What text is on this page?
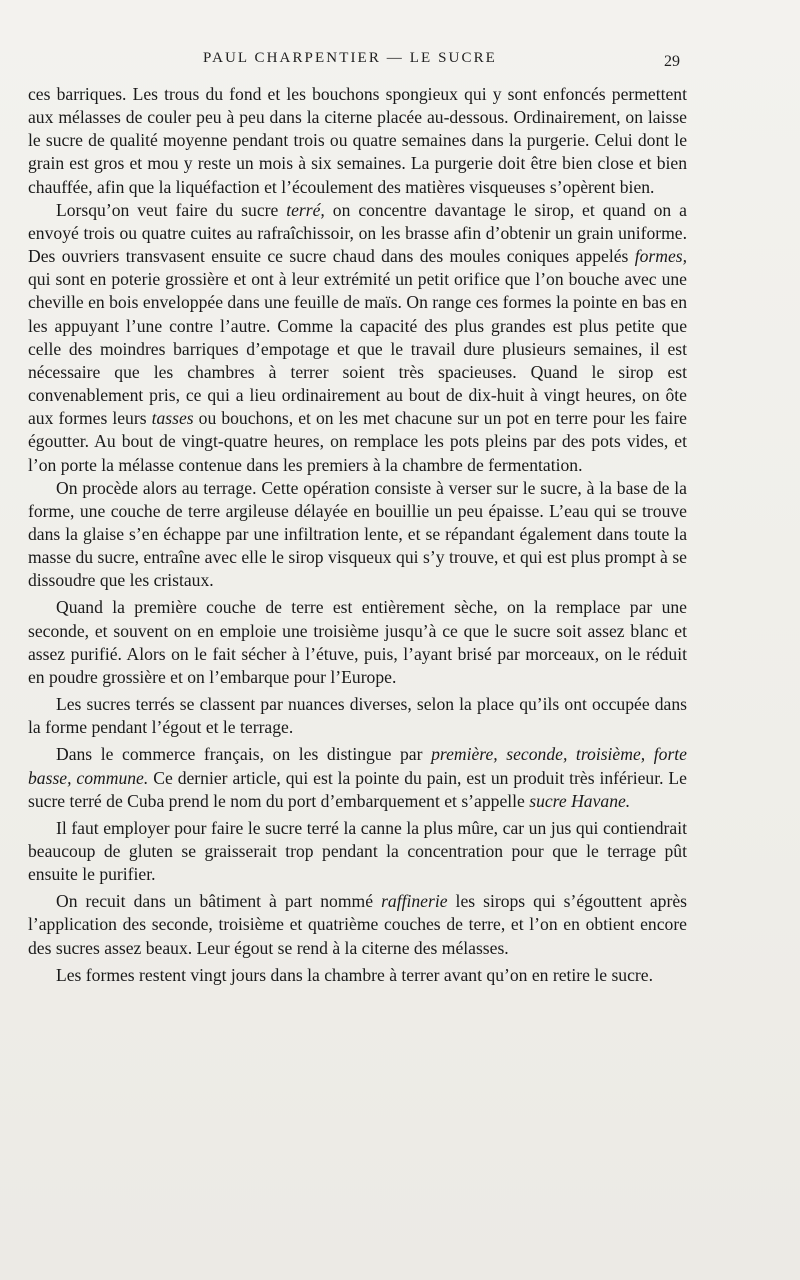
PAUL CHARPENTIER — LE SUCRE	29

ces barriques. Les trous du fond et les bouchons spongieux qui y sont enfoncés permettent aux mélasses de couler peu à peu dans la citerne placée au-dessous. Ordinairement, on laisse le sucre de qualité moyenne pendant trois ou quatre semaines dans la purgerie. Celui dont le grain est gros et mou y reste un mois à six semaines. La purgerie doit être bien close et bien chauffée, afin que la liquéfaction et l’écoulement des matières visqueuses s’opèrent bien.

Lorsqu’on veut faire du sucre terré, on concentre davantage le sirop, et quand on a envoyé trois ou quatre cuites au rafraîchissoir, on les brasse afin d’obtenir un grain uniforme. Des ouvriers transvasent ensuite ce sucre chaud dans des moules coniques appelés formes, qui sont en poterie grossière et ont à leur extrémité un petit orifice que l’on bouche avec une cheville en bois enveloppée dans une feuille de maïs. On range ces formes la pointe en bas en les appuyant l’une contre l’autre. Comme la capacité des plus grandes est plus petite que celle des moindres barriques d’empotage et que le travail dure plusieurs semaines, il est nécessaire que les chambres à terrer soient très spacieuses. Quand le sirop est convenablement pris, ce qui a lieu ordinairement au bout de dix-huit à vingt heures, on ôte aux formes leurs tasses ou bouchons, et on les met chacune sur un pot en terre pour les faire égoutter. Au bout de vingt-quatre heures, on remplace les pots pleins par des pots vides, et l’on porte la mélasse contenue dans les premiers à la chambre de fermentation.

On procède alors au terrage. Cette opération consiste à verser sur le sucre, à la base de la forme, une couche de terre argileuse délayée en bouillie un peu épaisse. L’eau qui se trouve dans la glaise s’en échappe par une infiltration lente, et se répandant également dans toute la masse du sucre, entraîne avec elle le sirop visqueux qui s’y trouve, et qui est plus prompt à se dissoudre que les cristaux.

Quand la première couche de terre est entièrement sèche, on la remplace par une seconde, et souvent on en emploie une troisième jusqu’à ce que le sucre soit assez blanc et assez purifié. Alors on le fait sécher à l’étuve, puis, l’ayant brisé par morceaux, on le réduit en poudre grossière et on l’embarque pour l’Europe.

Les sucres terrés se classent par nuances diverses, selon la place qu’ils ont occupée dans la forme pendant l’égout et le terrage.

Dans le commerce français, on les distingue par première, seconde, troisième, forte basse, commune. Ce dernier article, qui est la pointe du pain, est un produit très inférieur. Le sucre terré de Cuba prend le nom du port d’embarquement et s’appelle sucre Havane.

Il faut employer pour faire le sucre terré la canne la plus mûre, car un jus qui contiendrait beaucoup de gluten se graisserait trop pendant la concentration pour que le terrage pût ensuite le purifier.

On recuit dans un bâtiment à part nommé raffinerie les sirops qui s’égouttent après l’application des seconde, troisième et quatrième couches de terre, et l’on en obtient encore des sucres assez beaux. Leur égout se rend à la citerne des mélasses.

Les formes restent vingt jours dans la chambre à terrer avant qu’on en retire le sucre.
